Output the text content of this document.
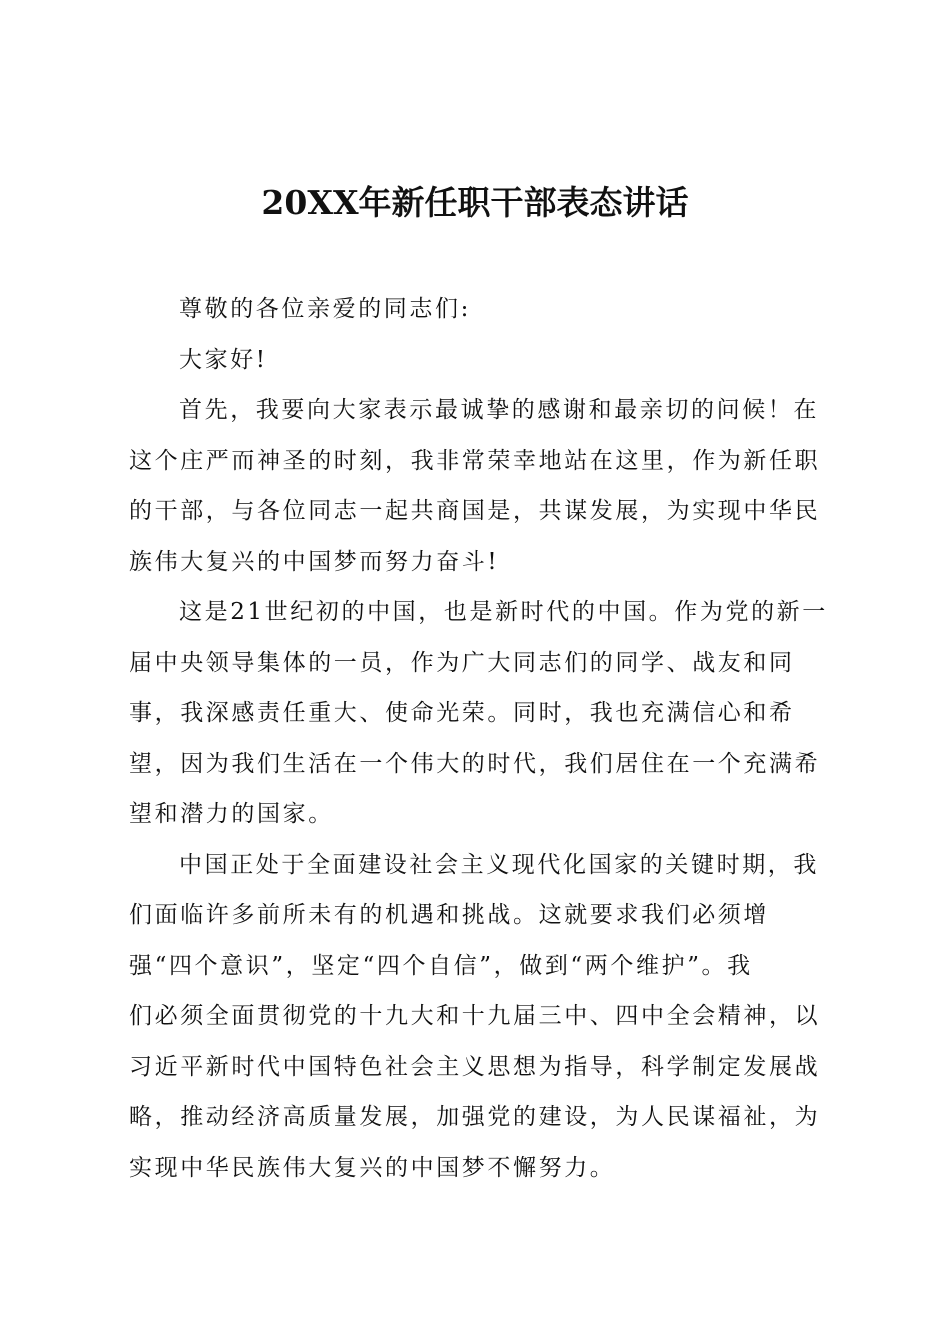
20XX年新任职干部表态讲话
尊敬的各位亲爱的同志们:
大家好!
首先，我要向大家表示最诚挚的感谢和最亲切的问候！在
这个庄严而神圣的时刻，我非常荣幸地站在这里，作为新任职
的干部，与各位同志一起共商国是，共谋发展，为实现中华民
族伟大复兴的中国梦而努力奋斗!
这是21世纪初的中国，也是新时代的中国。作为党的新一
届中央领导集体的一员，作为广大同志们的同学、战友和同
事，我深感责任重大、使命光荣。同时，我也充满信心和希
望，因为我们生活在一个伟大的时代，我们居住在一个充满希
望和潜力的国家。
中国正处于全面建设社会主义现代化国家的关键时期，我
们面临许多前所未有的机遇和挑战。这就要求我们必须增
强“四个意识”，坚定“四个自信”，做到“两个维护”。我
们必须全面贯彻党的十九大和十九届三中、四中全会精神，以
习近平新时代中国特色社会主义思想为指导，科学制定发展战
略，推动经济高质量发展，加强党的建设，为人民谋福祉，为
实现中华民族伟大复兴的中国梦不懈努力。
